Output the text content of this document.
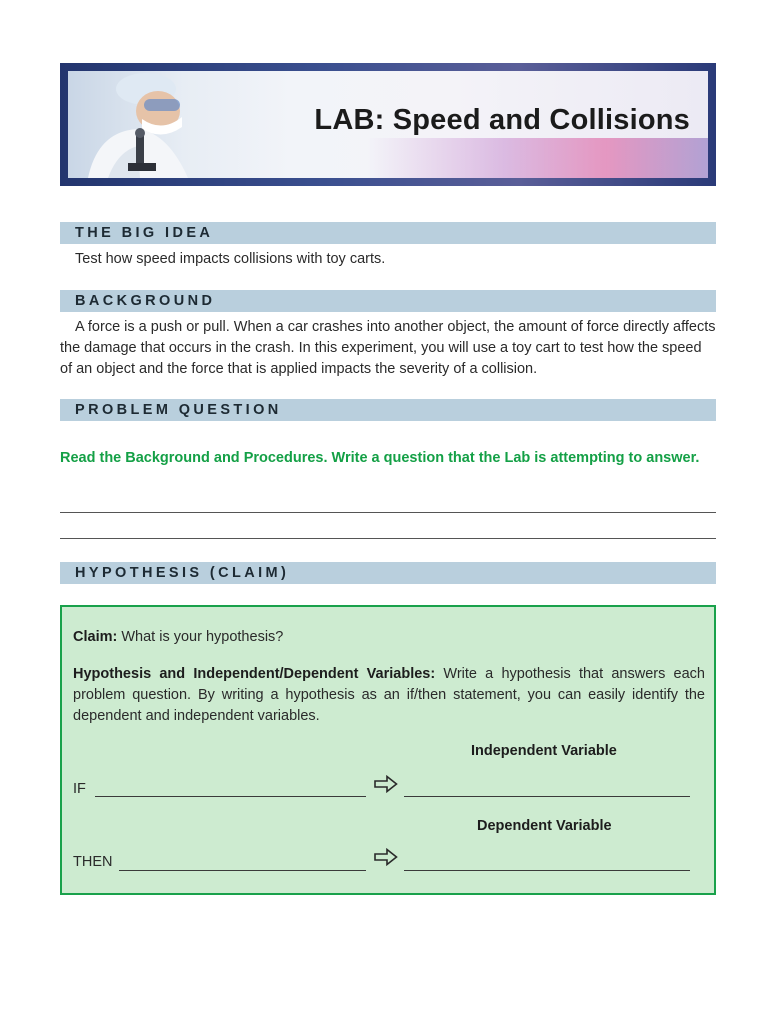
LAB: Speed and Collisions
THE BIG IDEA
Test how speed impacts collisions with toy carts.
BACKGROUND
A force is a push or pull. When a car crashes into another object, the amount of force directly affects the damage that occurs in the crash. In this experiment, you will use a toy cart to test how the speed of an object and the force that is applied impacts the severity of a collision.
PROBLEM QUESTION
Read the Background and Procedures. Write a question that the Lab is attempting to answer.
HYPOTHESIS (CLAIM)
Claim: What is your hypothesis?
Hypothesis and Independent/Dependent Variables: Write a hypothesis that answers each problem question. By writing a hypothesis as an if/then statement, you can easily identify the dependent and independent variables.
Independent Variable
IF
Dependent Variable
THEN
